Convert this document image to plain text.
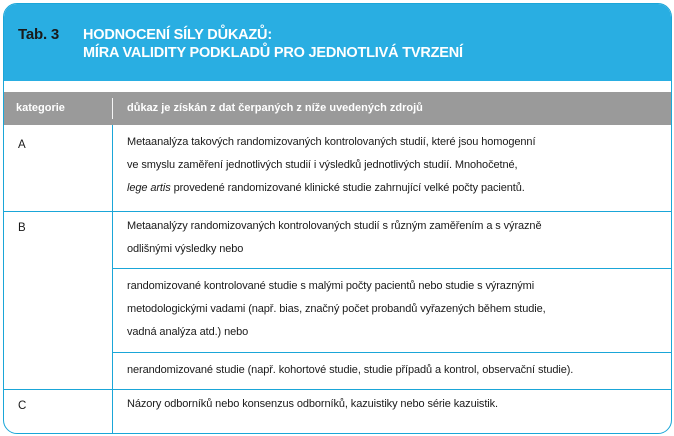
Tab. 3 HODNOCENÍ SÍLY DŮKAZŮ:
MÍRA VALIDITY PODKLADŮ PRO JEDNOTLIVÁ TVRZENÍ
kategorie	důkaz je získán z dat čerpaných z níže uvedených zdrojů
A	Metaanalýza takových randomizovaných kontrolovaných studií, které jsou homogenní
ve smyslu zaměření jednotlivých studií i výsledků jednotlivých studií. Mnohočetné,
lege artis provedené randomizované klinické studie zahrnující velké počty pacientů.
B	Metaanalýzy randomizovaných kontrolovaných studií s různým zaměřením a s výrazně
odlišnými výsledky nebo
randomizované kontrolované studie s malými počty pacientů nebo studie s výraznými
metodologickými vadami (např. bias, značný počet probandů vyřazených během studie,
vadná analýza atd.) nebo
nerandomizované studie (např. kohortové studie, studie případů a kontrol, observační studie).
C	Názory odborníků nebo konsenzus odborníků, kazuistiky nebo série kazuistik.
